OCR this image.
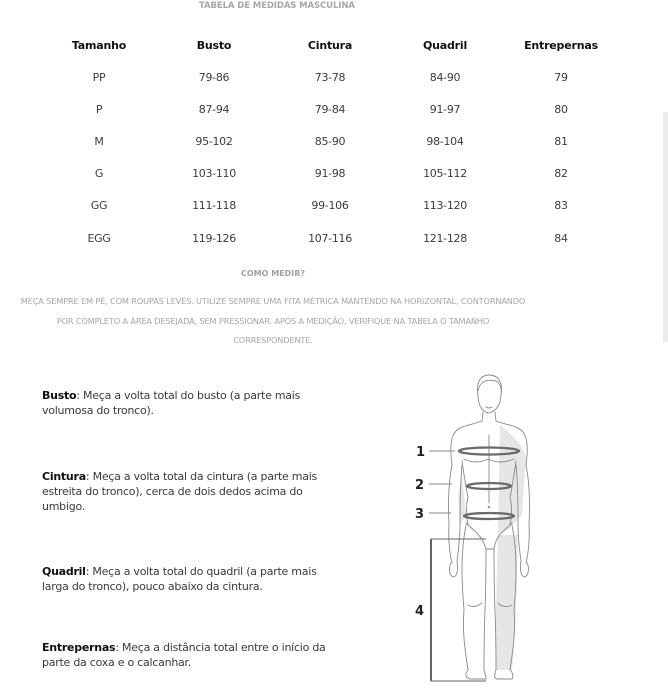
TABELA DE MEDIDAS MASCULINA
Tamanho	Busto	Cintura	Quadril	Entrepernas
PP	79-86	73-78	84-90	79
P	87-94	79-84	91-97	80
M	95-102	85-90	98-104	81
G	103-110	91-98	105-112	82
GG	111-118	99-106	113-120	83
EGG	119-126	107-116	121-128	84
COMO MEDIR?
MEÇA SEMPRE EM PÉ, COM ROUPAS LEVES. UTILIZE SEMPRE UMA FITA MÉTRICA MANTENDO NA HORIZONTAL, CONTORNANDO POR COMPLETO A ÁREA DESEJADA, SEM PRESSIONAR. APÓS A MEDIÇÃO, VERIFIQUE NA TABELA O TAMANHO CORRESPONDENTE.
Busto: Meça a volta total do busto (a parte mais volumosa do tronco).
Cintura: Meça a volta total da cintura (a parte mais estreita do tronco), cerca de dois dedos acima do umbigo.
Quadril: Meça a volta total do quadril (a parte mais larga do tronco), pouco abaixo da cintura.
Entrepernas: Meça a distância total entre o início da parte da coxa e o calcanhar.
1
2
3
4
